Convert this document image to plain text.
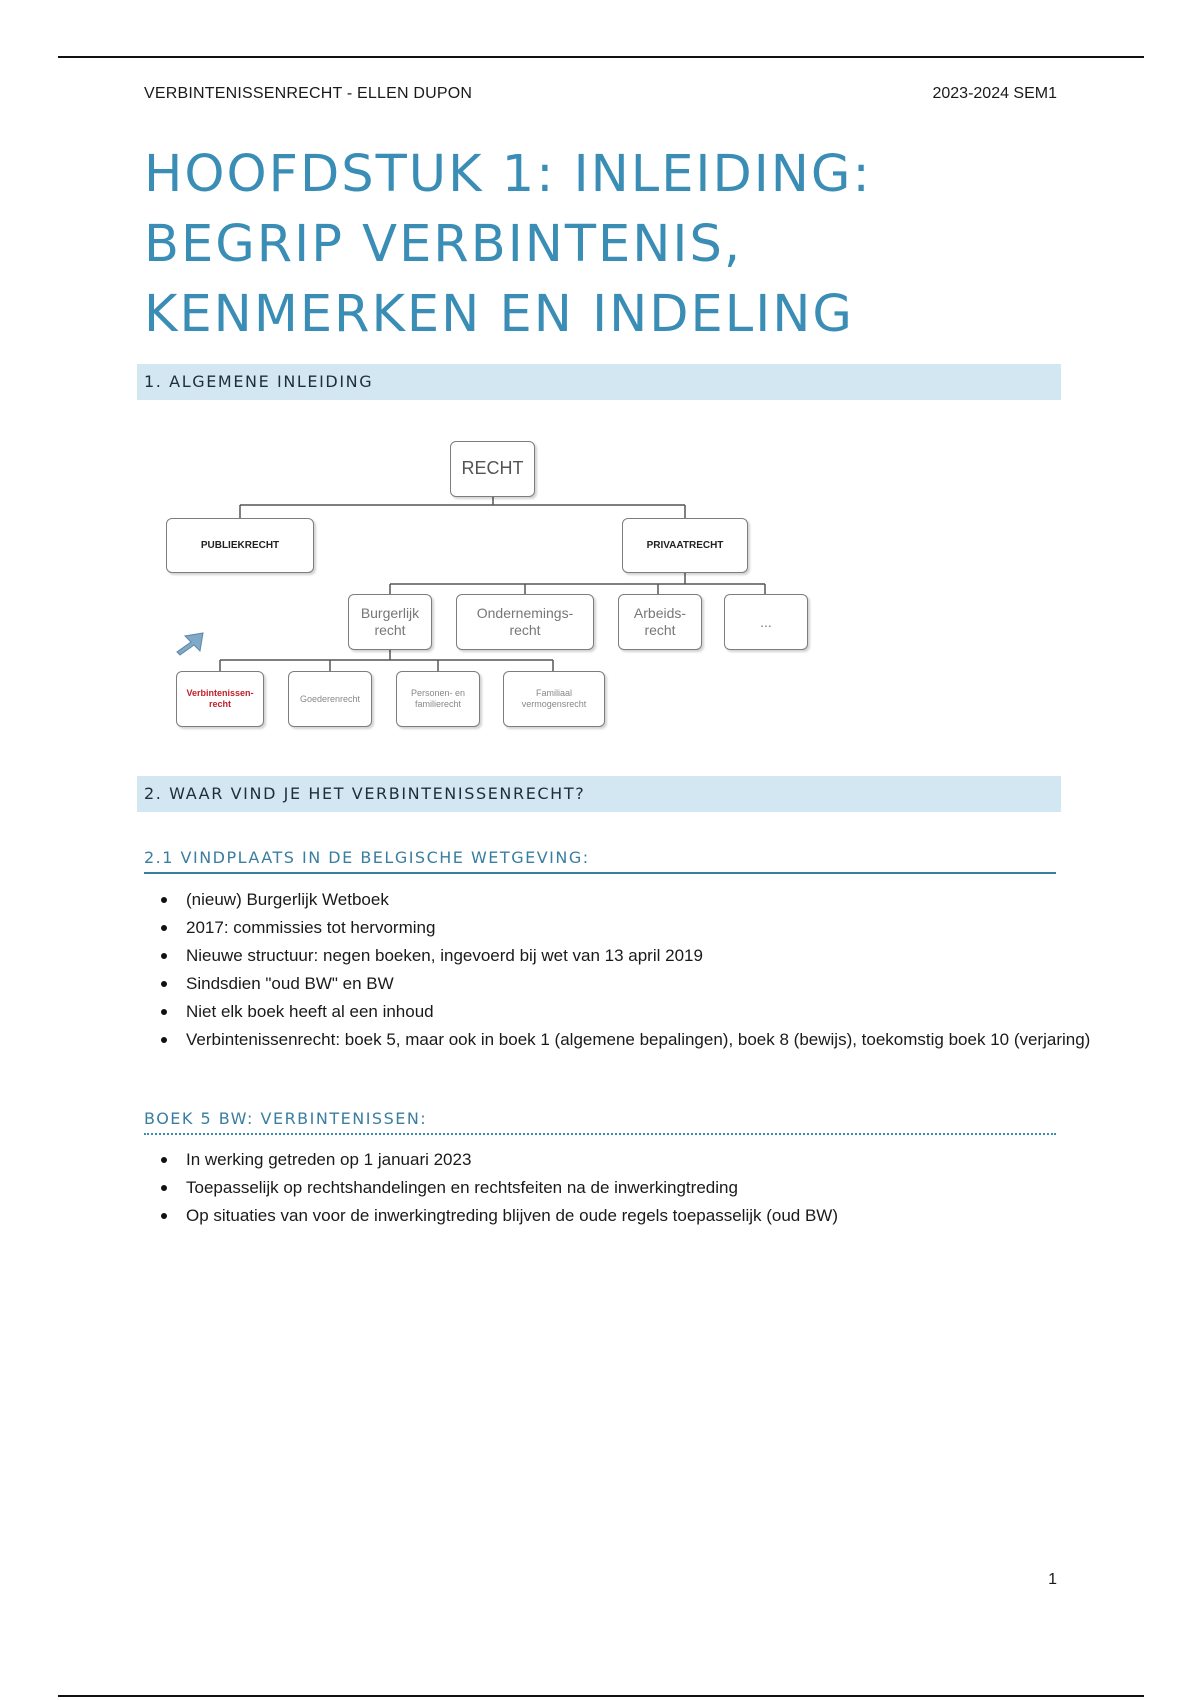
VERBINTENISSENRECHT - ELLEN DUPON	2023-2024 SEM1
HOOFDSTUK 1: INLEIDING:
BEGRIP VERBINTENIS,
KENMERKEN EN INDELING
1. ALGEMENE INLEIDING
RECHT
PUBLIEKRECHT	PRIVAATRECHT
Burgerlijk recht
Ondernemings-recht
Arbeids-recht
...
Verbintenissen-recht
Goederenrecht
Personen- en familierecht
Familiaal vermogensrecht
2. WAAR VIND JE HET VERBINTENISSENRECHT?
2.1 VINDPLAATS IN DE BELGISCHE WETGEVING:
(nieuw) Burgerlijk Wetboek
2017: commissies tot hervorming
Nieuwe structuur: negen boeken, ingevoerd bij wet van 13 april 2019
Sindsdien "oud BW" en BW
Niet elk boek heeft al een inhoud
Verbintenissenrecht: boek 5, maar ook in boek 1 (algemene bepalingen), boek 8 (bewijs), toekomstig boek 10 (verjaring)
BOEK 5 BW: VERBINTENISSEN:
In werking getreden op 1 januari 2023
Toepasselijk op rechtshandelingen en rechtsfeiten na de inwerkingtreding
Op situaties van voor de inwerkingtreding blijven de oude regels toepasselijk (oud BW)
1
